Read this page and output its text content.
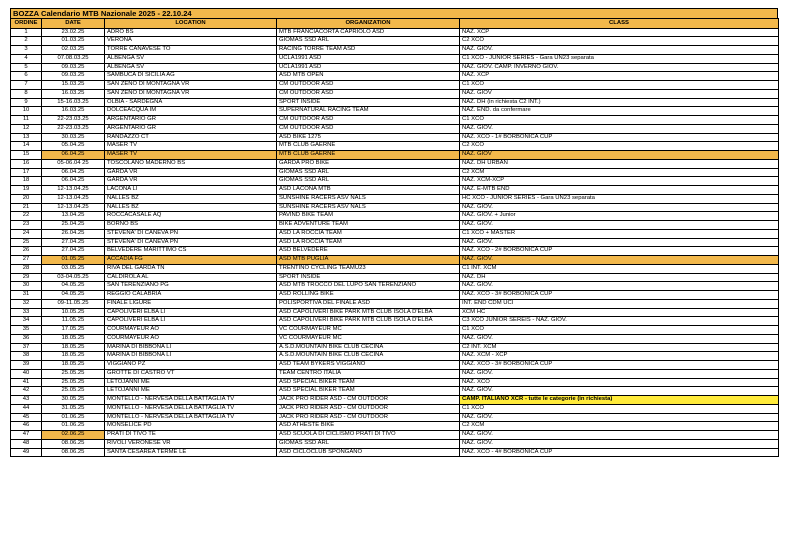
BOZZA Calendario MTB Nazionale 2025 - 22.10.24
ORDINE	DATE	LOCATION	ORGANIZATION	CLASS
1	23.02.25	ADRO BS	MTB FRANCIACORTA CAPRIOLO ASD	NAZ. XCP
2	01.03.25	VERONA	GIOMAS SSD ARL	C2 XCO
3	02.03.25	TORRE CANAVESE TO	RACING TORRE TEAM ASD	NAZ. GIOV.
4	07.08.03.25	ALBENGA SV	UCLA1991 ASD	C1 XCO - JUNIOR SERIES - Gara UN23 separata
5	09.03.25	ALBENGA SV	UCLA1991 ASD	NAZ. GIOV. CAMP. INVERNO GIOV.
6	09.03.25	SAMBUCA DI SICILIA AG	ASD MTB OPEN	NAZ. XCP
7	15.03.25	SAN ZENO DI MONTAGNA VR	CM OUTDOOR ASD	C1 XCO
8	16.03.25	SAN ZENO DI MONTAGNA VR	CM OUTDOOR ASD	NAZ. GIOV
9	15-16.03.25	OLBIA - SARDEGNA	SPORT INSIDE	NAZ. DH (in richiesta C2 INT.)
10	16.03.25	DOLCEACQUA IM	SUPERNATURAL RACING TEAM	NAZ. END. da confermare
11	22-23.03.25	ARGENTARIO GR	CM OUTDOOR ASD	C1 XCO
12	22-23.03.25	ARGENTARIO GR	CM OUTDOOR ASD	NAZ. GIOV.
13	30.03.25	RANDAZZO CT	ASD BIKE 1275	NAZ. XCO - 1# BORBONICA CUP
14	05.04.25	MASER TV	MTB CLUB GAERNE	C2 XCO
15	06.04.25	MASER TV	MTB CLUB GAERNE	NAZ. GIOV
16	05-06.04 25	TOSCOLANO MADERNO BS	GARDA PRO BIKE	NAZ. DH URBAN
17	06.04.25	GARDA VR	GIOMAS SSD ARL	C2 XCM
18	06.04.25	GARDA VR	GIOMAS SSD ARL	NAZ. XCM-XCP
19	12-13.04.25	LACONA LI	ASD LACONA MTB	NAZ. E-MTB END
20	12-13.04.25	NALLES BZ	SUNSHINE RACERS ASV NALS	HC XCO - JUNIOR SERIES - Gara UN23 separata
21	12-13.04.25	NALLES BZ	SUNSHINE RACERS ASV NALS	NAZ. GIOV.
22	13.04.25	ROCCACASALE AQ	PAVIND BIKE TEAM	NAZ. GIOV. + Junior
23	25.04.25	BORNO BS	BIKE ADVENTURE TEAM	NAZ. GIOV.
24	26.04.25	STEVENA' DI CANEVA PN	ASD LA ROCCIA TEAM	C1 XCO + MASTER
25	27.04.25	STEVENA' DI CANEVA PN	ASD LA ROCCIA TEAM	NAZ. GIOV.
26	27.04.25	BELVEDERE MARITTIMO CS	ASD BELVEDERE	NAZ. XCO - 2# BORBONICA CUP
27	01.05.25	ACCADIA FG	ASD MTB PUGLIA	NAZ. GIOV.
28	03.05.25	RIVA DEL GARDA TN	TRENTINO CYCLING TEAMU23	C1 INT. XCM
29	03-04.05.25	CALDIROLA AL	SPORT INSIDE	NAZ. DH
30	04.05.25	SAN TERENZIANO PG	ASD MTB TROCCO DEL LUPO SAN TERENZIANO	NAZ. GIOV.
31	04.05.25	REGGIO CALABRIA	ASD ROLLING BIKE	NAZ. XCO - 3# BORBONICA CUP
32	09-11.05.25	FINALE LIGURE	POLISPORTIVA DEL FINALE ASD	INT. END CDM UCI
33	10.05.25	CAPOLIVERI ELBA LI	ASD CAPOLIVERI BIKE PARK MTB CLUB ISOLA D'ELBA	XCM HC
34	11.05.25	CAPOLIVERI ELBA LI	ASD CAPOLIVERI BIKE PARK MTB CLUB ISOLA D'ELBA	C3 XCO JUNIOR SEREIS - NAZ. GIOV.
35	17.05.25	COURMAYEUR AO	VC COURMAYEUR MC	C1 XCO
36	18.05.25	COURMAYEUR AO	VC COURMAYEUR MC	NAZ. GIOV.
37	18.05.25	MARINA DI BIBBONA LI	A.S.D.MOUNTAIN BIKE CLUB CECINA	C2 INT. XCM
38	18.05.25	MARINA DI BIBBONA LI	A.S.D.MOUNTAIN BIKE CLUB CECINA	NAZ. XCM - XCP
39	18.05.25	VIGGIANO PZ	ASD TEAM BYKERS VIGGIANO	NAZ. XCO - 3# BORBONICA CUP
40	25.05.25	GROTTE DI CASTRO VT	TEAM CENTRO ITALIA	NAZ. GIOV.
41	25.05.25	LETOJANNI ME	ASD SPECIAL BIKER TEAM	NAZ. XCO
42	25.05.25	LETOJANNI ME	ASD SPECIAL BIKER TEAM	NAZ. GIOV.
43	30.05.25	MONTELLO - NERVESA DELLA BATTAGLIA TV	JACK PRO RIDER ASD - CM OUTDOOR	CAMP. ITALIANO XCR - tutte le categorie (in richiesta)
44	31.05.25	MONTELLO - NERVESA DELLA BATTAGLIA TV	JACK PRO RIDER ASD - CM OUTDOOR	C1 XCO
45	01.06.25	MONTELLO - NERVESA DELLA BATTAGLIA TV	JACK PRO RIDER ASD - CM OUTDOOR	NAZ. GIOV.
46	01.06.25	MONSELICE PD	ASD ATHESTE BIKE	C2 XCM
47	02.06.25	PRATI DI TIVO TE	ASD SCUOLA DI CICLISMO PRATI DI TIVO	NAZ. GIOV.
48	08.06.25	RIVOLI VERONESE VR	GIOMAS SSD ARL	NAZ. GIOV.
49	08.06.25	SANTA CESAREA TERME LE	ASD CICLOCLUB SPONGANO	NAZ. XCO - 4# BORBONICA CUP
